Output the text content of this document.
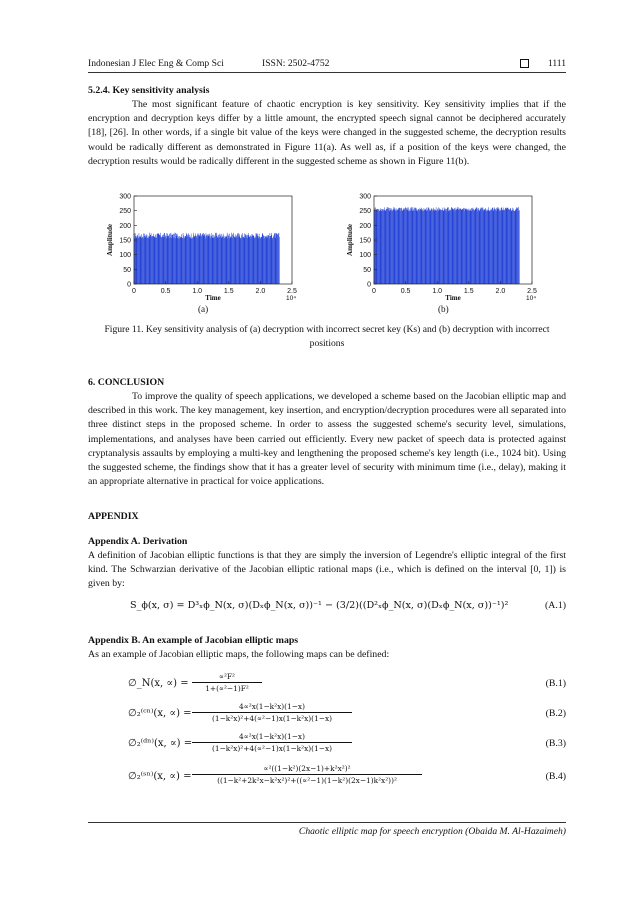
Indonesian J Elec Eng & Comp Sci	ISSN: 2502-4752	1111
5.2.4. Key sensitivity analysis
The most significant feature of chaotic encryption is key sensitivity. Key sensitivity implies that if the encryption and decryption keys differ by a little amount, the encrypted speech signal cannot be deciphered accurately [18], [26]. In other words, if a single bit value of the keys were changed in the suggested scheme, the decryption results would be radically different as demonstrated in Figure 11(a). As well as, if a position of the keys were changed, the decryption results would be radically different in the suggested scheme as shown in Figure 11(b).
0
50
100
150
200
250
300
0	0.5	1.0	1.5	2.0	2.5
10⁴
Time
Amplitude
0
50
100
150
200
250
300
0	0.5	1.0	1.5	2.0	2.5
10⁴
Time
Amplitude
(a)	(b)
Figure 11. Key sensitivity analysis of (a) decryption with incorrect secret key (Ks) and (b) decryption with incorrect positions
6. CONCLUSION
To improve the quality of speech applications, we developed a scheme based on the Jacobian elliptic map and described in this work. The key management, key insertion, and encryption/decryption procedures were all separated into three distinct steps in the proposed scheme. In order to assess the suggested scheme's security level, simulations, implementations, and analyses have been carried out efficiently. Every new packet of speech data is protected against cryptanalysis assaults by employing a multi-key and lengthening the proposed scheme's key length (i.e., 1024 bit). Using the suggested scheme, the findings show that it has a greater level of security with minimum time (i.e., delay), making it an appropriate alternative in practical for voice applications.
APPENDIX
Appendix A. Derivation
A definition of Jacobian elliptic functions is that they are simply the inversion of Legendre's elliptic integral of the first kind. The Schwarzian derivative of the Jacobian elliptic rational maps (i.e., which is defined on the interval [0, 1]) is given by:
S_ϕ(x, σ) = D³ₓϕ_N(x, σ)(Dₓϕ_N(x, σ))⁻¹ − (3/2)((D²ₓϕ_N(x, σ)(Dₓϕ_N(x, σ))⁻¹)²	(A.1)
Appendix B. An example of Jacobian elliptic maps
As an example of Jacobian elliptic maps, the following maps can be defined:
∅_N(x, ∝) =
∝²F²
1+(∝²−1)F²	(B.1)
∅₂⁽ᶜⁿ⁾(x, ∝) =
4∝²x(1−k²x)(1−x)
(1−k²x)²+4(∝²−1)x(1−k²x)(1−x)	(B.2)
∅₂⁽ᵈⁿ⁾(x, ∝) =
4∝²x(1−k²x)(1−x)
(1−k²x)²+4(∝²−1)x(1−k²x)(1−x)	(B.3)
∅₂⁽ˢⁿ⁾(x, ∝) =
∝²((1−k²)(2x−1)+k²x²)²
((1−k²+2k²x−k²x²)²+((∝²−1)(1−k²)(2x−1)k²x²))²	(B.4)
Chaotic elliptic map for speech encryption (Obaida M. Al-Hazaimeh)
